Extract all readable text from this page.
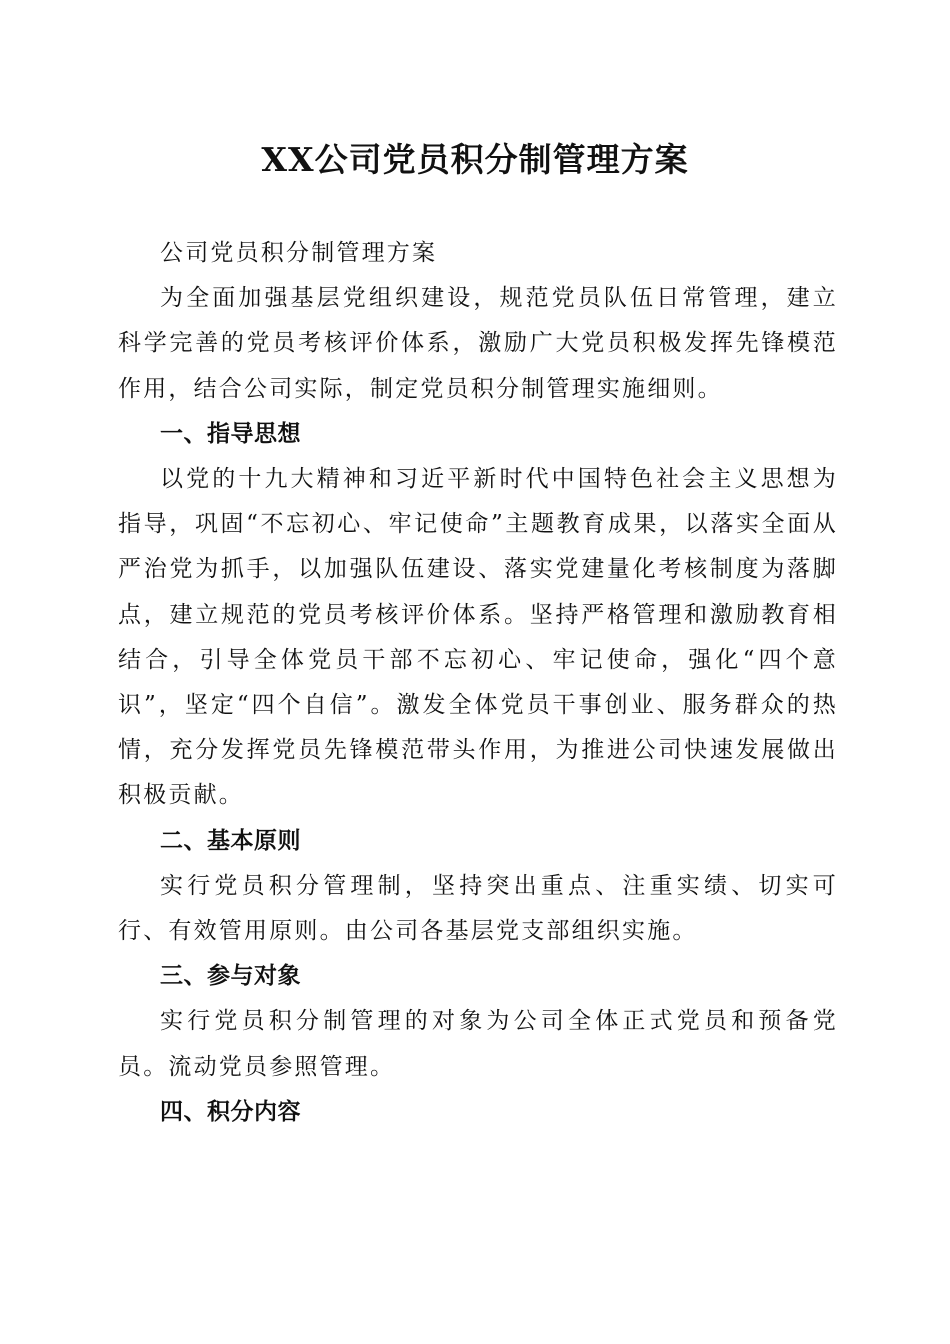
XX公司党员积分制管理方案

公司党员积分制管理方案

为全面加强基层党组织建设，规范党员队伍日常管理，建立科学完善的党员考核评价体系，激励广大党员积极发挥先锋模范作用，结合公司实际，制定党员积分制管理实施细则。

一、指导思想

以党的十九大精神和习近平新时代中国特色社会主义思想为指导，巩固“不忘初心、牢记使命”主题教育成果，以落实全面从严治党为抓手，以加强队伍建设、落实党建量化考核制度为落脚点，建立规范的党员考核评价体系。坚持严格管理和激励教育相结合，引导全体党员干部不忘初心、牢记使命，强化“四个意识”，坚定“四个自信”。激发全体党员干事创业、服务群众的热情，充分发挥党员先锋模范带头作用，为推进公司快速发展做出积极贡献。

二、基本原则

实行党员积分管理制，坚持突出重点、注重实绩、切实可行、有效管用原则。由公司各基层党支部组织实施。

三、参与对象

实行党员积分制管理的对象为公司全体正式党员和预备党员。流动党员参照管理。

四、积分内容
